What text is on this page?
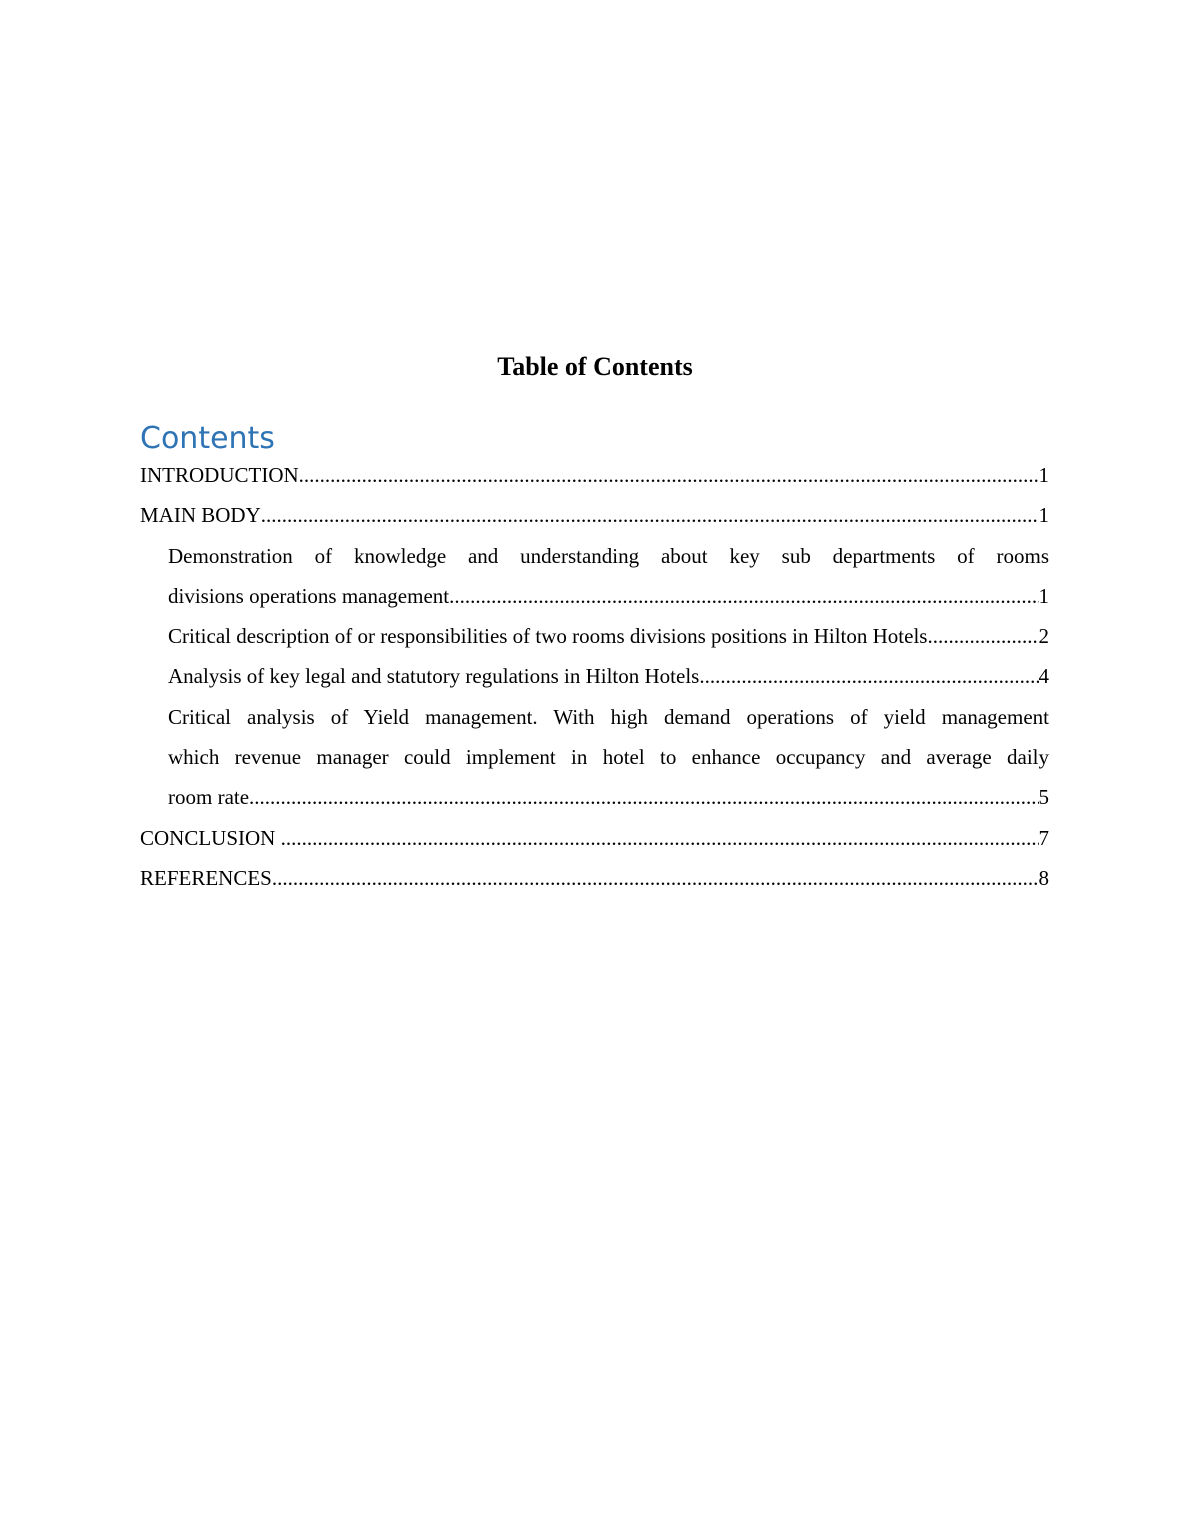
Table of Contents
Contents
INTRODUCTION .....	1
MAIN BODY .....	1
Demonstration of knowledge and understanding about key sub departments of rooms
divisions operations management .....	1
Critical description of or responsibilities of two rooms divisions positions in Hilton Hotels. .....	2
Analysis of key legal and statutory regulations in Hilton Hotels .....	4
Critical analysis of Yield management. With high demand operations of yield management
which revenue manager could implement in hotel to enhance occupancy and average daily
room rate .....	5
CONCLUSION .....	7
REFERENCES .....	8
